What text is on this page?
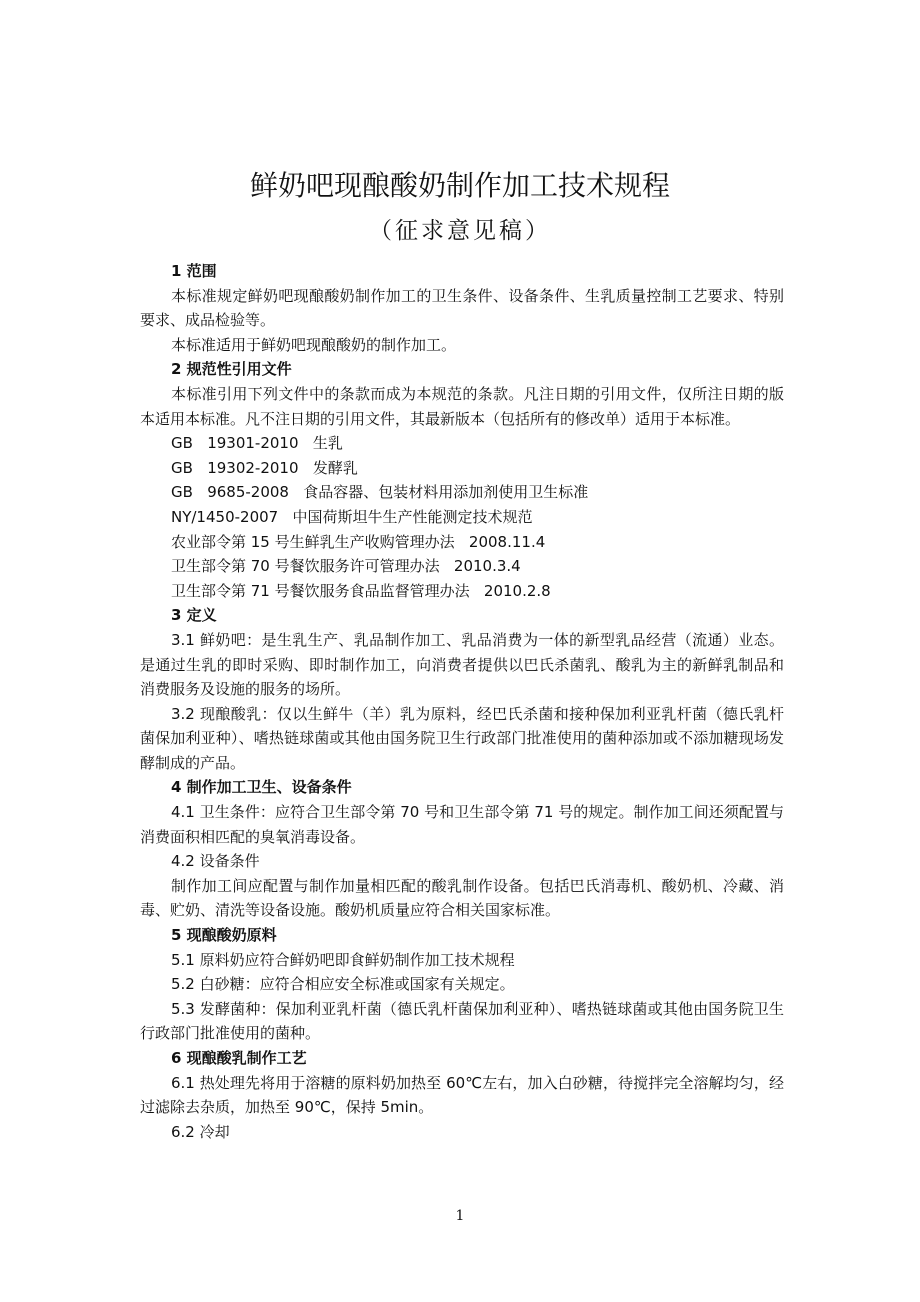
鲜奶吧现酿酸奶制作加工技术规程
（征求意见稿）

1 范围

本标准规定鲜奶吧现酿酸奶制作加工的卫生条件、设备条件、生乳质量控制工艺要求、特别要求、成品检验等。

本标准适用于鲜奶吧现酿酸奶的制作加工。

2 规范性引用文件

本标准引用下列文件中的条款而成为本规范的条款。凡注日期的引用文件，仅所注日期的版本适用本标准。凡不注日期的引用文件，其最新版本（包括所有的修改单）适用于本标准。

GB   19301-2010   生乳

GB   19302-2010   发酵乳

GB   9685-2008   食品容器、包装材料用添加剂使用卫生标准

NY/1450-2007   中国荷斯坦牛生产性能测定技术规范

农业部令第 15 号生鲜乳生产收购管理办法   2008.11.4

卫生部令第 70 号餐饮服务许可管理办法   2010.3.4

卫生部令第 71 号餐饮服务食品监督管理办法   2010.2.8

3 定义

3.1 鲜奶吧：是生乳生产、乳品制作加工、乳品消费为一体的新型乳品经营（流通）业态。是通过生乳的即时采购、即时制作加工，向消费者提供以巴氏杀菌乳、酸乳为主的新鲜乳制品和消费服务及设施的服务的场所。

3.2 现酿酸乳：仅以生鲜牛（羊）乳为原料，经巴氏杀菌和接种保加利亚乳杆菌（德氏乳杆菌保加利亚种）、嗜热链球菌或其他由国务院卫生行政部门批准使用的菌种添加或不添加糖现场发酵制成的产品。

4 制作加工卫生、设备条件

4.1 卫生条件：应符合卫生部令第 70 号和卫生部令第 71 号的规定。制作加工间还须配置与消费面积相匹配的臭氧消毒设备。

4.2 设备条件

制作加工间应配置与制作加量相匹配的酸乳制作设备。包括巴氏消毒机、酸奶机、冷藏、消毒、贮奶、清洗等设备设施。酸奶机质量应符合相关国家标准。

5 现酿酸奶原料

5.1 原料奶应符合鲜奶吧即食鲜奶制作加工技术规程

5.2 白砂糖：应符合相应安全标准或国家有关规定。

5.3 发酵菌种：保加利亚乳杆菌（德氏乳杆菌保加利亚种）、嗜热链球菌或其他由国务院卫生行政部门批准使用的菌种。

6 现酿酸乳制作工艺

6.1 热处理先将用于溶糖的原料奶加热至 60℃左右，加入白砂糖，待搅拌完全溶解均匀，经过滤除去杂质，加热至 90℃，保持 5min。

6.2 冷却

1
